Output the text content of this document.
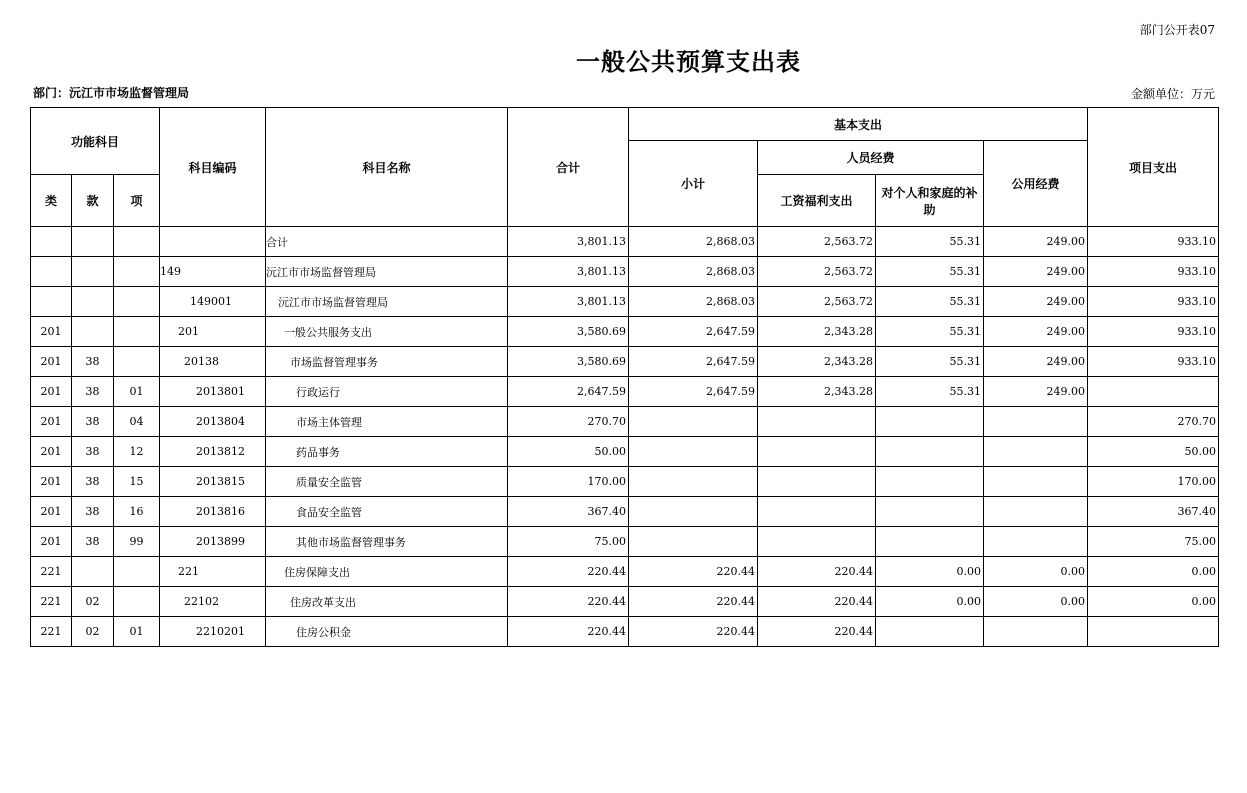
部门公开表07
一般公共预算支出表
部门：沅江市市场监督管理局	金额单位：万元
功能科目			科目编码	科目名称	合计	基本支出				项目支出
						小计	人员经费		公用经费	
类	款	项					工资福利支出	对个人和家庭的补助		
				合计	3,801.13	2,868.03	2,563.72	55.31	249.00	933.10
			149	沅江市市场监督管理局	3,801.13	2,868.03	2,563.72	55.31	249.00	933.10
			149001	沅江市市场监督管理局	3,801.13	2,868.03	2,563.72	55.31	249.00	933.10
201			201	一般公共服务支出	3,580.69	2,647.59	2,343.28	55.31	249.00	933.10
201	38		20138	市场监督管理事务	3,580.69	2,647.59	2,343.28	55.31	249.00	933.10
201	38	01	2013801	行政运行	2,647.59	2,647.59	2,343.28	55.31	249.00	
201	38	04	2013804	市场主体管理	270.70					270.70
201	38	12	2013812	药品事务	50.00					50.00
201	38	15	2013815	质量安全监管	170.00					170.00
201	38	16	2013816	食品安全监管	367.40					367.40
201	38	99	2013899	其他市场监督管理事务	75.00					75.00
221			221	住房保障支出	220.44	220.44	220.44	0.00	0.00	0.00
221	02		22102	住房改革支出	220.44	220.44	220.44	0.00	0.00	0.00
221	02	01	2210201	住房公积金	220.44	220.44	220.44			
